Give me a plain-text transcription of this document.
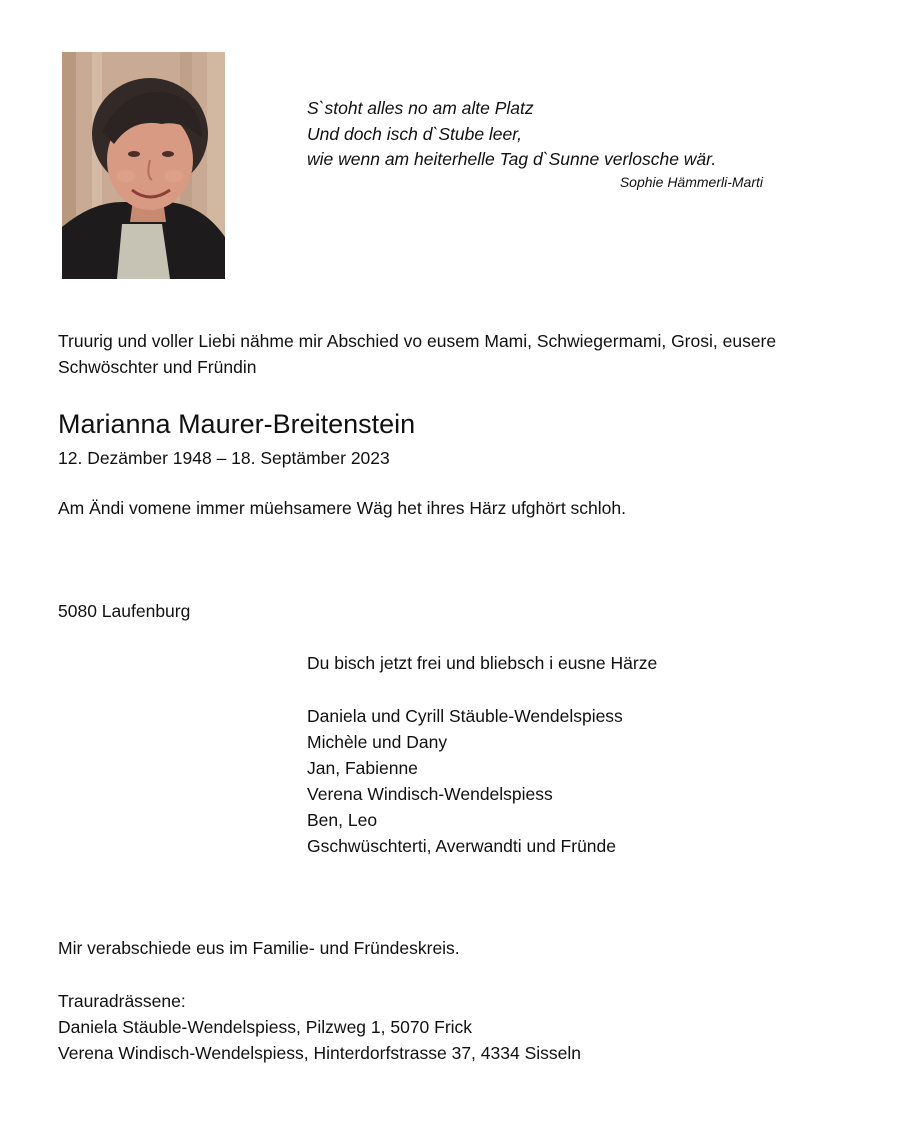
S`stoht alles no am alte Platz
Und doch isch d`Stube leer,
wie wenn am heiterhelle Tag d`Sunne verlosche wär.
Sophie Hämmerli-Marti
Truurig und voller Liebi nähme mir Abschied vo eusem Mami, Schwiegermami, Grosi, eusere Schwöschter und Fründin
Marianna Maurer-Breitenstein
12. Dezämber 1948 – 18. Septämber 2023
Am Ändi vomene immer müehsamere Wäg het ihres Härz ufghört schloh.
5080 Laufenburg
Du bisch jetzt frei und bliebsch i eusne Härze
Daniela und Cyrill Stäuble-Wendelspiess
Michèle und Dany
Jan, Fabienne
Verena Windisch-Wendelspiess
Ben, Leo
Gschwüschterti, Averwandti und Fründe
Mir verabschiede eus im Familie- und Fründeskreis.
Trauradrässene:
Daniela Stäuble-Wendelspiess, Pilzweg 1, 5070 Frick
Verena Windisch-Wendelspiess, Hinterdorfstrasse 37, 4334 Sisseln
